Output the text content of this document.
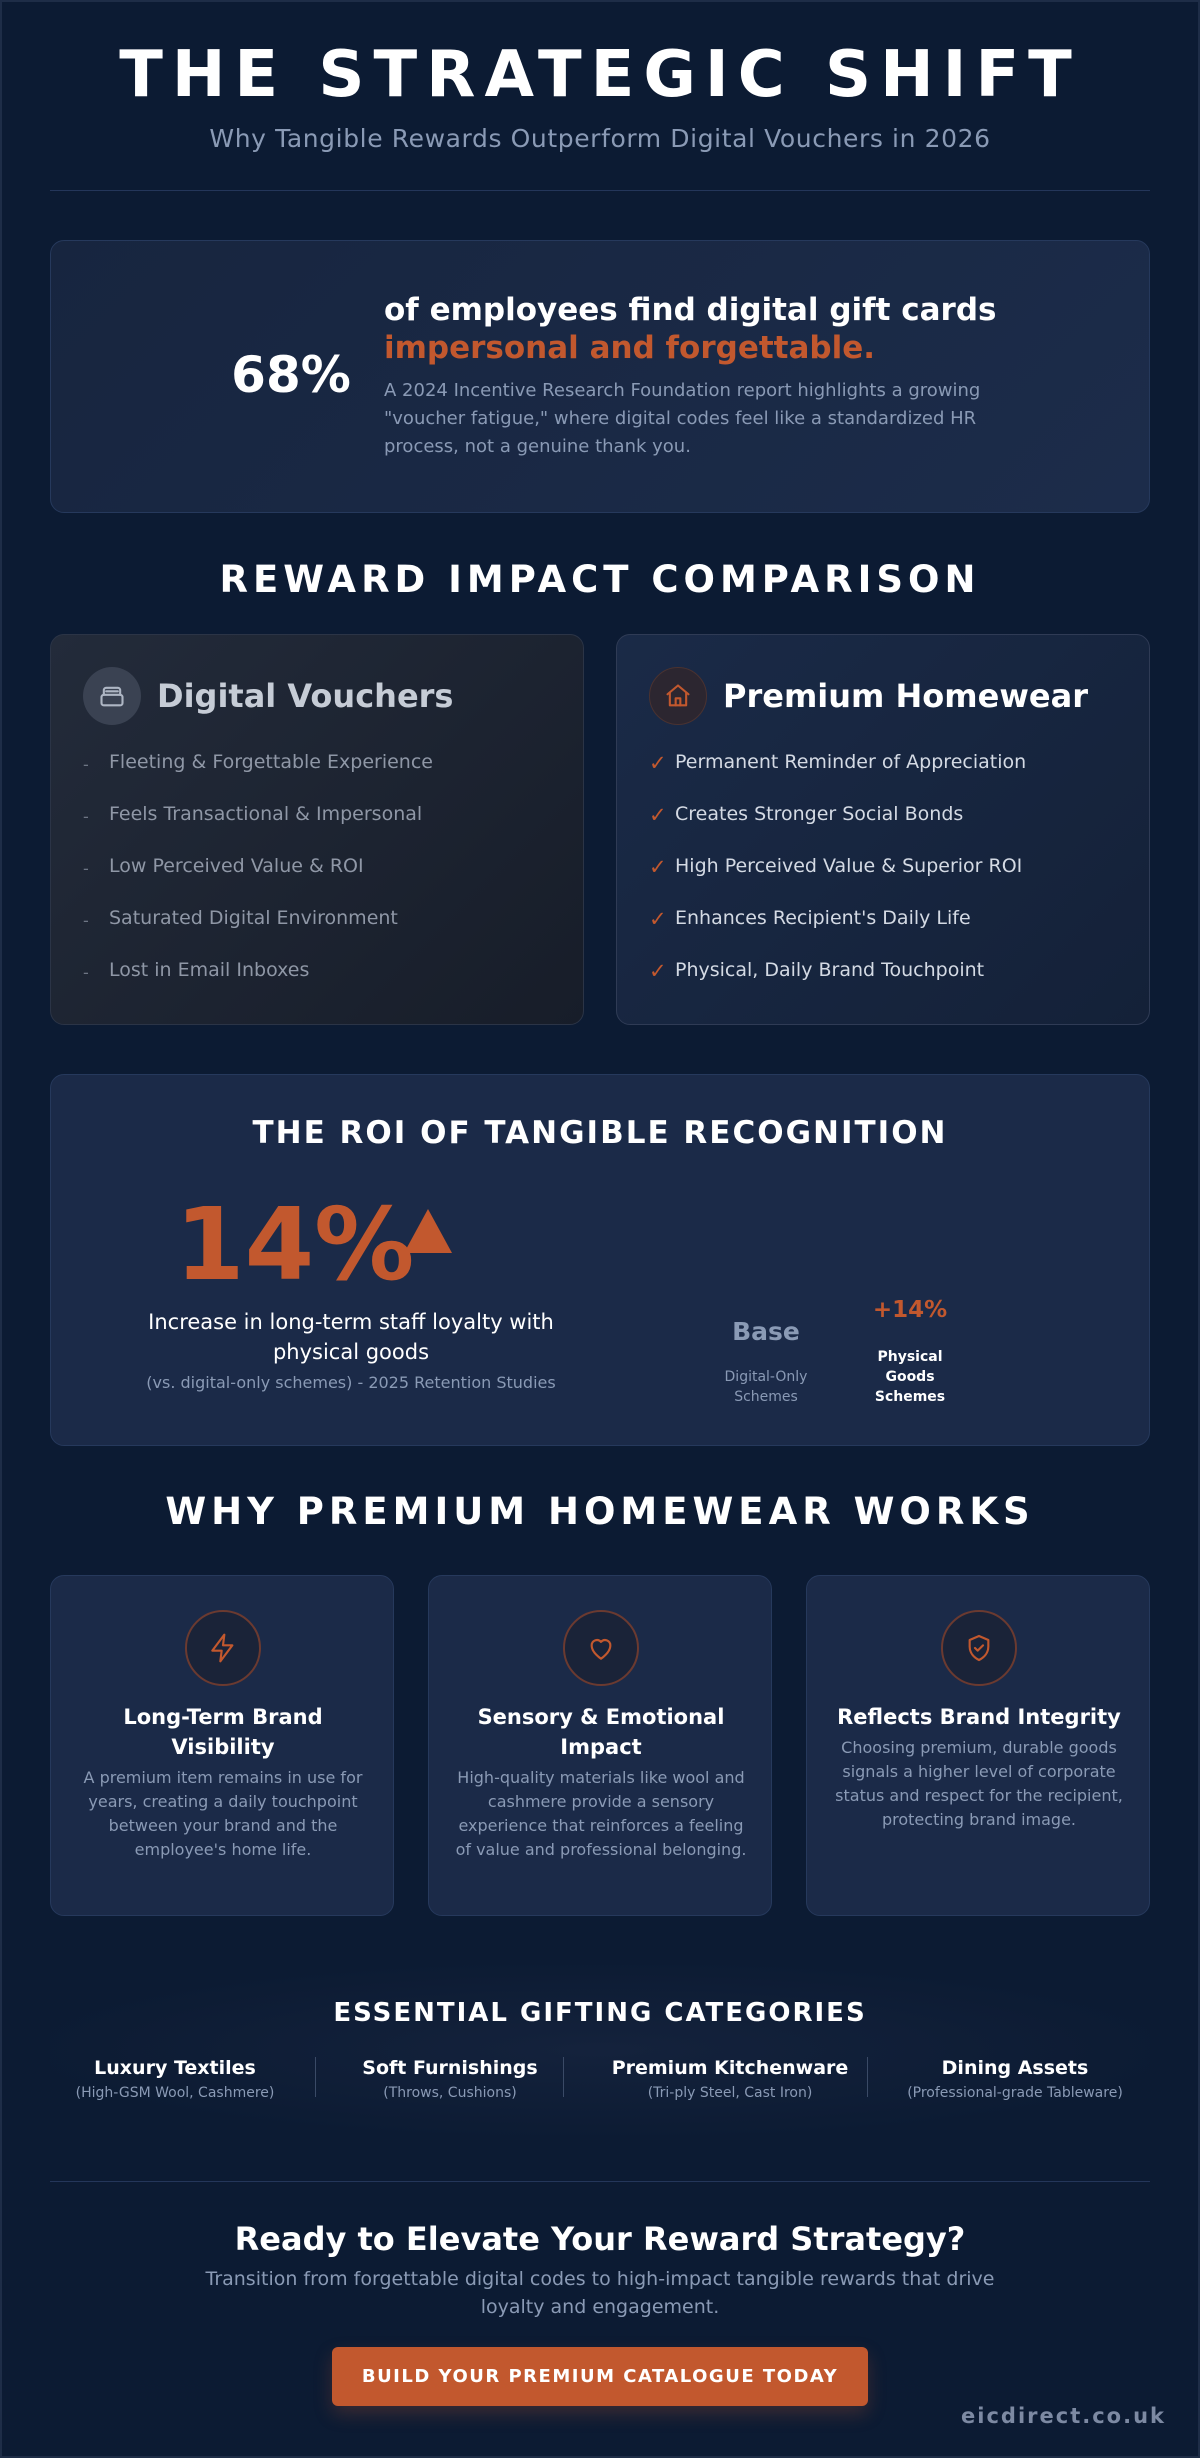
THE STRATEGIC SHIFT
Why Tangible Rewards Outperform Digital Vouchers in 2026
68%
of employees find digital gift cards
impersonal and forgettable.
A 2024 Incentive Research Foundation report highlights a growing "voucher fatigue," where digital codes feel like a standardized HR process, not a genuine thank you.
REWARD IMPACT COMPARISON
Digital Vouchers
-	Fleeting & Forgettable Experience
-	Feels Transactional & Impersonal
-	Low Perceived Value & ROI
-	Saturated Digital Environment
-	Lost in Email Inboxes
Premium Homewear
✓ Permanent Reminder of Appreciation
✓ Creates Stronger Social Bonds
✓ High Perceived Value & Superior ROI
✓ Enhances Recipient's Daily Life
✓ Physical, Daily Brand Touchpoint
THE ROI OF TANGIBLE RECOGNITION
14%
Increase in long-term staff loyalty with physical goods
(vs. digital-only schemes) - 2025 Retention Studies
Base
Digital-Only Schemes
+14%
Physical Goods Schemes
WHY PREMIUM HOMEWEAR WORKS
Long-Term Brand Visibility
A premium item remains in use for years, creating a daily touchpoint between your brand and the employee's home life.
Sensory & Emotional Impact
High-quality materials like wool and cashmere provide a sensory experience that reinforces a feeling of value and professional belonging.
Reflects Brand Integrity
Choosing premium, durable goods signals a higher level of corporate status and respect for the recipient, protecting brand image.
ESSENTIAL GIFTING CATEGORIES
Luxury Textiles
(High-GSM Wool, Cashmere)
Soft Furnishings
(Throws, Cushions)
Premium Kitchenware
(Tri-ply Steel, Cast Iron)
Dining Assets
(Professional-grade Tableware)
Ready to Elevate Your Reward Strategy?
Transition from forgettable digital codes to high-impact tangible rewards that drive loyalty and engagement.
BUILD YOUR PREMIUM CATALOGUE TODAY
eicdirect.co.uk
